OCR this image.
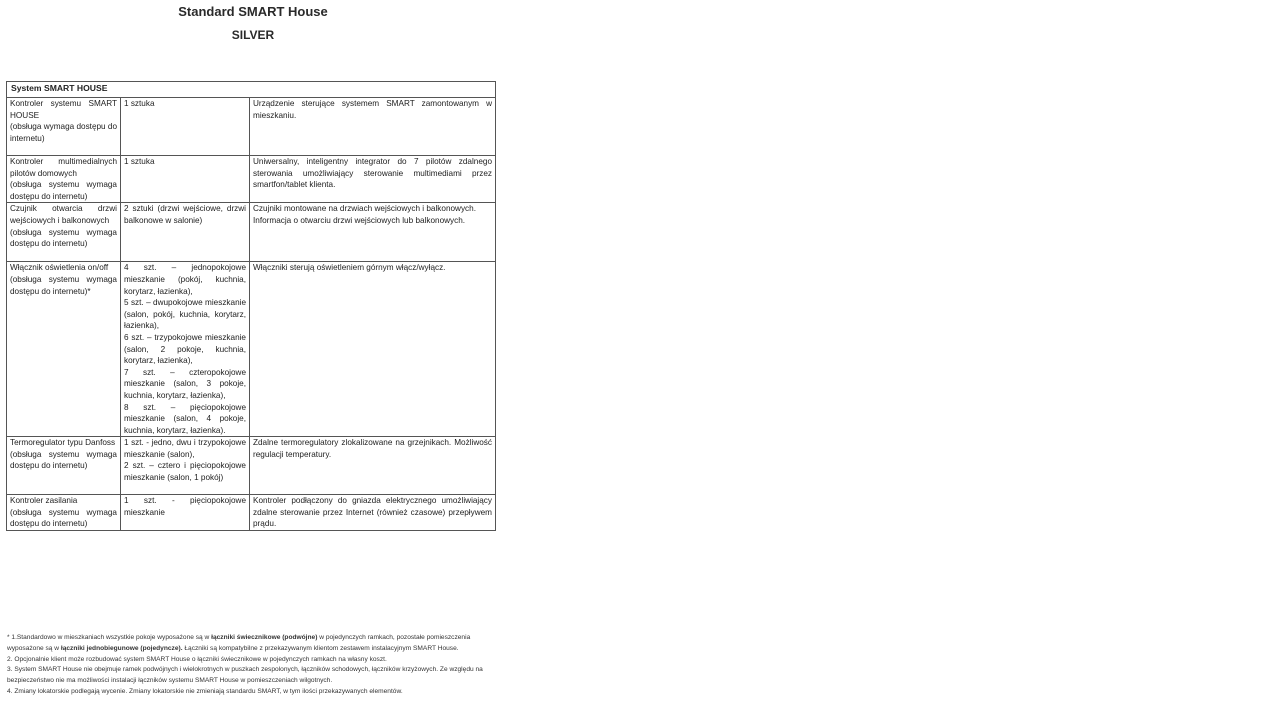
Standard SMART House
SILVER
System SMART HOUSE		

Kontroler systemu SMART HOUSE
(obsługa wymaga dostępu do internetu)	1 sztuka	Urządzenie sterujące systemem SMART zamontowanym w mieszkaniu.

Kontroler multimedialnych pilotów domowych
(obsługa systemu wymaga dostępu do internetu)	1 sztuka	Uniwersalny, inteligentny integrator do 7 pilotów zdalnego sterowania umożliwiający sterowanie multimediami przez smartfon/tablet klienta.

Czujnik otwarcia drzwi wejściowych i balkonowych
(obsługa systemu wymaga dostępu do internetu)	2 sztuki (drzwi wejściowe, drzwi balkonowe w salonie)	Czujniki montowane na drzwiach wejściowych i balkonowych.
Informacja o otwarciu drzwi wejściowych lub balkonowych.

Włącznik oświetlenia on/off
(obsługa systemu wymaga dostępu do internetu)*	4 szt. – jednopokojowe mieszkanie (pokój, kuchnia, korytarz, łazienka),
5 szt. – dwupokojowe mieszkanie (salon, pokój, kuchnia, korytarz, łazienka),
6 szt. – trzypokojowe mieszkanie (salon, 2 pokoje, kuchnia, korytarz, łazienka),
7 szt. – czteropokojowe mieszkanie (salon, 3 pokoje, kuchnia, korytarz, łazienka),
8 szt. – pięciopokojowe mieszkanie (salon, 4 pokoje, kuchnia, korytarz, łazienka).	Włączniki sterują oświetleniem górnym włącz/wyłącz.

Termoregulator typu Danfoss
(obsługa systemu wymaga dostępu do internetu)	1 szt. - jedno, dwu i trzypokojowe mieszkanie (salon),
2 szt. – cztero i pięciopokojowe mieszkanie (salon, 1 pokój)	Zdalne termoregulatory zlokalizowane na grzejnikach. Możliwość regulacji temperatury.

Kontroler zasilania
(obsługa systemu wymaga dostępu do internetu)	1 szt. - pięciopokojowe mieszkanie	Kontroler podłączony do gniazda elektrycznego umożliwiający zdalne sterowanie przez Internet (również czasowe) przepływem prądu.
* 1.Standardowo w mieszkaniach wszystkie pokoje wyposażone są w łączniki świecznikowe (podwójne) w pojedynczych ramkach, pozostałe pomieszczenia wyposażone są w łączniki jednobiegunowe (pojedyncze). Łączniki są kompatybilne z przekazywanym klientom zestawem instalacyjnym SMART House.
2. Opcjonalnie klient może rozbudować system SMART House o łączniki świecznikowe w pojedynczych ramkach na własny koszt.
3. System SMART House nie obejmuje ramek podwójnych i wielokrotnych w puszkach zespolonych, łączników schodowych, łączników krzyżowych. Ze względu na bezpieczeństwo nie ma możliwości instalacji łączników systemu SMART House w pomieszczeniach wilgotnych.
4. Zmiany lokatorskie podlegają wycenie. Zmiany lokatorskie nie zmieniają standardu SMART, w tym ilości przekazywanych elementów.
